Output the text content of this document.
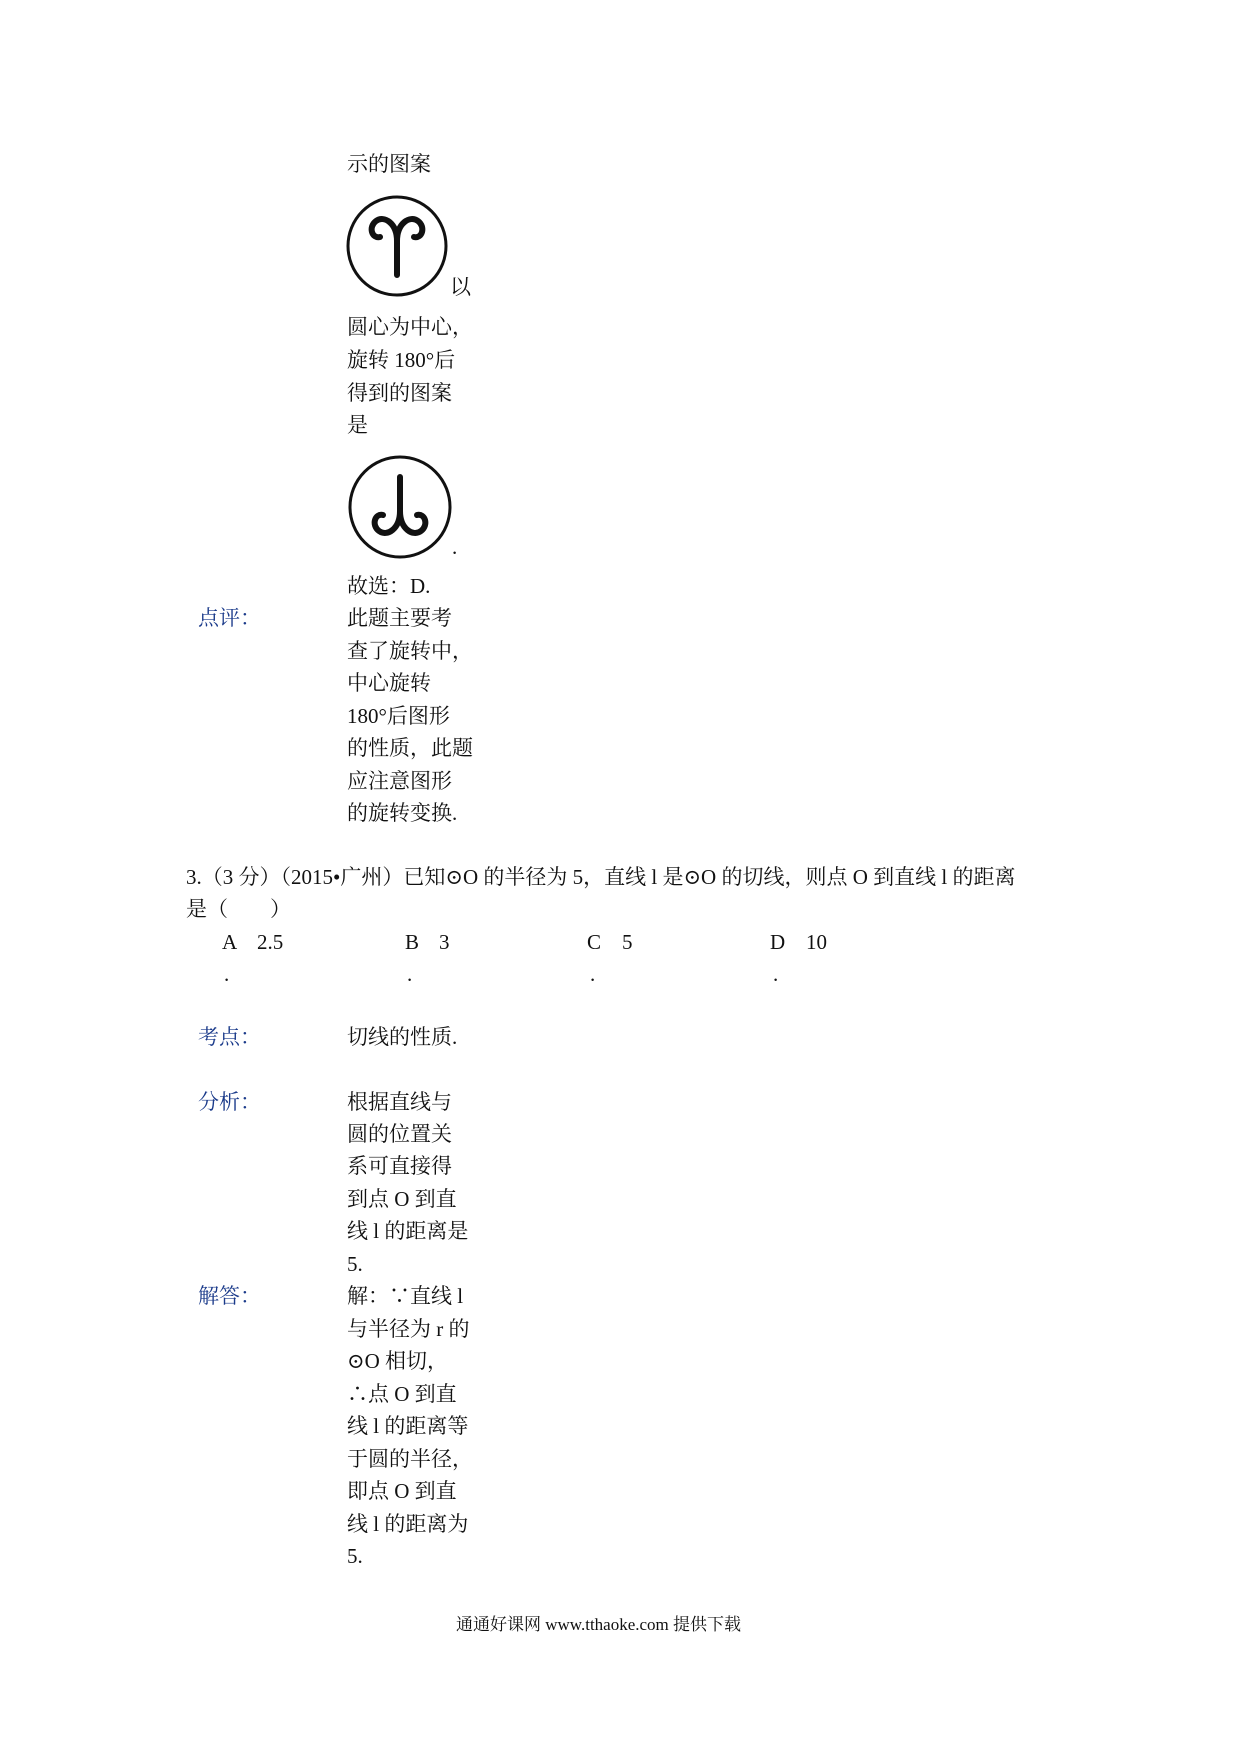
示的图案
以
圆心为中心，
旋转 180°后
得到的图案
是
.
故选：D.
点评：	此题主要考
查了旋转中，
中心旋转
180°后图形
的性质，此题
应注意图形
的旋转变换.
3.（3 分）（2015•广州）已知⊙O 的半径为 5，直线 l 是⊙O 的切线，则点 O 到直线 l 的距离
是（　　）
A 2.5
.
B 3
.
C 5
.
D 10
.
考点：	切线的性质.
分析：	根据直线与
圆的位置关
系可直接得
到点 O 到直
线 l 的距离是
5.
解答：	解：∵直线 l
与半径为 r 的
⊙O 相切，
∴点 O 到直
线 l 的距离等
于圆的半径，
即点 O 到直
线 l 的距离为
5.
通通好课网 www.tthaoke.com 提供下载
